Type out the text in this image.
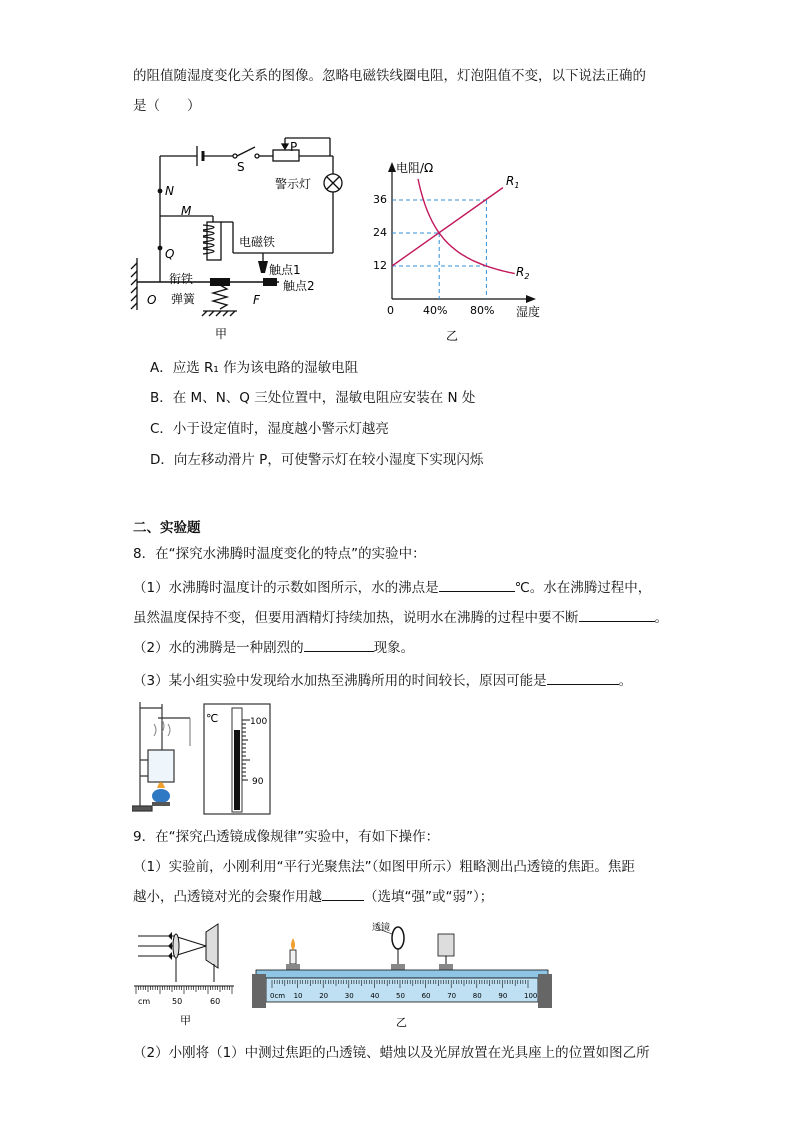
的阻值随湿度变化关系的图像。忽略电磁铁线圈电阻，灯泡阻值不变，以下说法正确的
是（　　）
P
S
警示灯
N
M
Q
电磁铁
衔铁
触点1
触点2
弹簧
O	F
甲
电阻/Ω
湿度
0
36
24
12
40% 80%
$R_1$
$R_2$
乙
A．应选 R₁ 作为该电路的湿敏电阻
B．在 M、N、Q 三处位置中，湿敏电阻应安装在 N 处
C．小于设定值时，湿度越小警示灯越亮
D．向左移动滑片 P，可使警示灯在较小湿度下实现闪烁
二、实验题
8．在“探究水沸腾时温度变化的特点”的实验中：
（1）水沸腾时温度计的示数如图所示，水的沸点是	℃。水在沸腾过程中，
虽然温度保持不变，但要用酒精灯持续加热，说明水在沸腾的过程中要不断	。
（2）水的沸腾是一种剧烈的	现象。
（3）某小组实验中发现给水加热至沸腾所用的时间较长，原因可能是	。
℃	100
90
9．在“探究凸透镜成像规律”实验中，有如下操作：
（1）实验前，小刚利用“平行光聚焦法”（如图甲所示）粗略测出凸透镜的焦距。焦距
越小，凸透镜对光的会聚作用越	（选填“强”或“弱”）；
cm	50	60
甲
透镜
0cm 10 20 30 40 50 60 70 80 90 100
乙
（2）小刚将（1）中测过焦距的凸透镜、蜡烛以及光屏放置在光具座上的位置如图乙所
